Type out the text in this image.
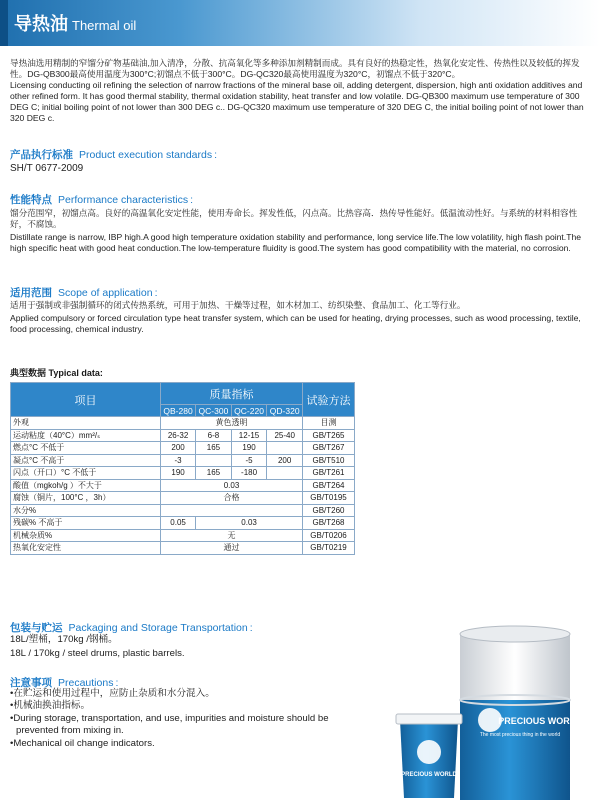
导热油 Thermal oil
导热油选用精制的窄馏分矿物基础油,加入清净，分散、抗高氧化等多种添加剂精制而成。具有良好的热稳定性，热氧化安定性、传热性以及较低的挥发性。DG-QB300最高使用温度为300°C;初馏点不低于300°C。DG-QC320最高使用温度为320°C，初馏点不低于320°C。
Licensing conducting oil refining the selection of narrow fractions of the mineral base oil, adding detergent, dispersion, high anti oxidation additives and other refined form. It has good thermal stability, thermal oxidation stability, heat transfer and low volatile. DG-QB300 maximum use temperature of 300 DEG C; initial boiling point of not lower than 300 DEG c.. DG-QC320 maximum use temperature of 320 DEG C, the initial boiling point of not lower than 320 DEG c.
产品执行标准 Product execution standards :
SH/T 0677-2009
性能特点 Performance characteristics :
馏分范围窄，初馏点高。良好的高温氧化安定性能，使用寿命长。挥发性低，闪点高。比热容高．热传导性能好。低温流动性好。与系统的材料相容性好，不腐蚀。
Distillate range is narrow, IBP high.A good high temperature oxidation stability and performance, long service life.The low volatility, high flash point.The high specific heat with good heat conduction.The low-temperature fluidity is good.The system has good compatibility with the material, no corrosion.
适用范围 Scope of application :
适用于强制或非强制循环的闭式传热系统，可用于加热、干燥等过程，如木材加工、纺织染整、食品加工、化工等行业。
Applied compulsory or forced circulation type heat transfer system, which can be used for heating, drying processes, such as wood processing, textile, food processing, chemical industry.
典型数据 Typical data:
项目	质量指标				试验方法
	QB-280	QC-300	QC-220	QD-320	
外观	黄色透明				目测
运动粘度（40°C）mm²/ₛ	26-32	6-8	12-15	25-40	GB/T265
燃点°C 不低于	200	165	190		GB/T267
凝点°C 不高于	-3		-5	200	GB/T510
闪点（开口）°C 不低于	190	165	-180		GB/T261
酸值（mgkoh/g ）不大于	0.03				GB/T264
腐蚀（铜片，100°C ，3h）	合格				GB/T0195
水分%					GB/T260
残碳% 不高于	0.05	0.03			GB/T268
机械杂质%	无				GB/T0206
热氧化安定性	通过				GB/T0219
包装与贮运 Packaging and Storage Transportation :
18L/塑桶，170kg /钢桶。
18L / 170kg / steel drums, plastic barrels.
注意事项 Precautions :
•在贮运和使用过程中，应防止杂质和水分混入。
•机械油换油指标。
•During storage, transportation, and use, impurities and moisture should be
prevented from mixing in.
•Mechanical oil change indicators.
PRECIOUS WORLD
The most precious thing in the world
PRECIOUS WORLD
